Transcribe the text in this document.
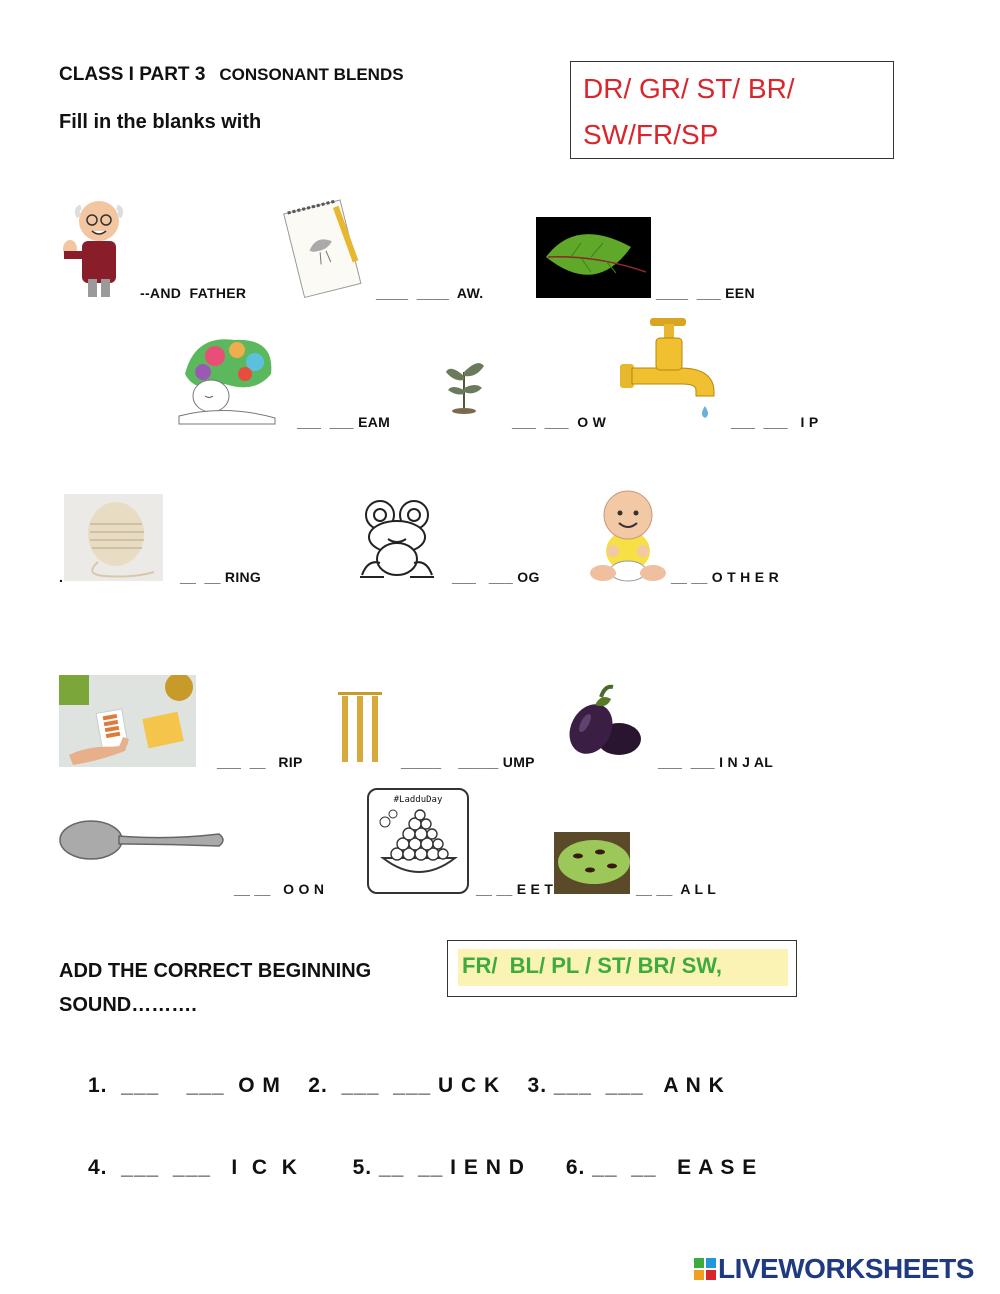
CLASS I PART 3 CONSONANT BLENDS
Fill in the blanks with
DR/ GR/ ST/ BR/
SW/FR/SP
--AND  FATHER	____  ____  AW.	____  ___ EEN
___  ___ EAM	___  ___  O W	___  ___   I P
.	__  __ RING	___   ___ OG	__ __ O T H E R
___  __   RIP	_____    _____ UMP	___  ___ I N J AL
__ __   O O N
#LadduDay
__ __ E E T	__ __  A L L
ADD THE CORRECT BEGINNING
SOUND……….
FR/  BL/ PL / ST/ BR/ SW,
1.  ___    ___  O M    2.  ___  ___ U C K    3. ___  ___   A N K
4.  ___  ___   I  C  K        5. __  __ I E N D      6. __  __   E A S E
LIVEWORKSHEETS
